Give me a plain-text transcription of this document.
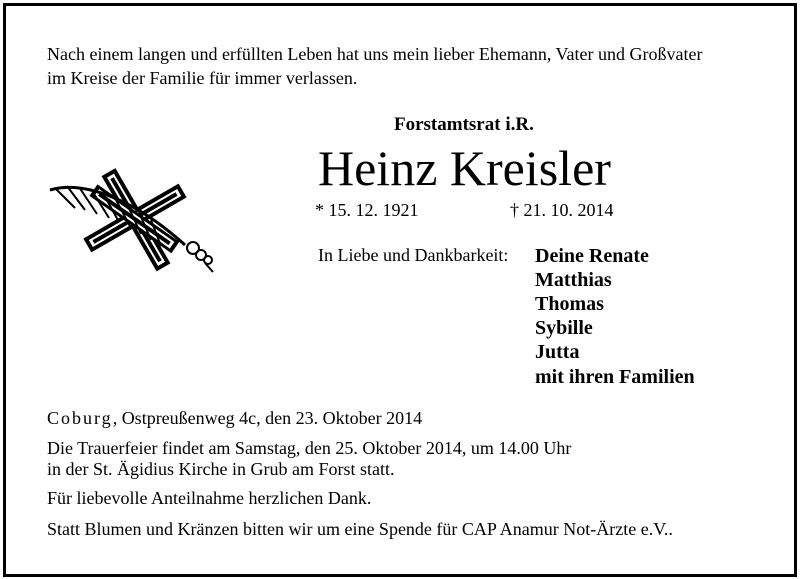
Nach einem langen und erfüllten Leben hat uns mein lieber Ehemann, Vater und Großvater
im Kreise der Familie für immer verlassen.
Forstamtsrat i.R.
Heinz Kreisler
* 15. 12. 1921	† 21. 10. 2014
In Liebe und Dankbarkeit: Deine Renate
Matthias
Thomas
Sybille
Jutta
mit ihren Familien
Coburg, Ostpreußenweg 4c, den 23. Oktober 2014
Die Trauerfeier findet am Samstag, den 25. Oktober 2014, um 14.00 Uhr
in der St. Ägidius Kirche in Grub am Forst statt.
Für liebevolle Anteilnahme herzlichen Dank.
Statt Blumen und Kränzen bitten wir um eine Spende für CAP Anamur Not-Ärzte e.V..
